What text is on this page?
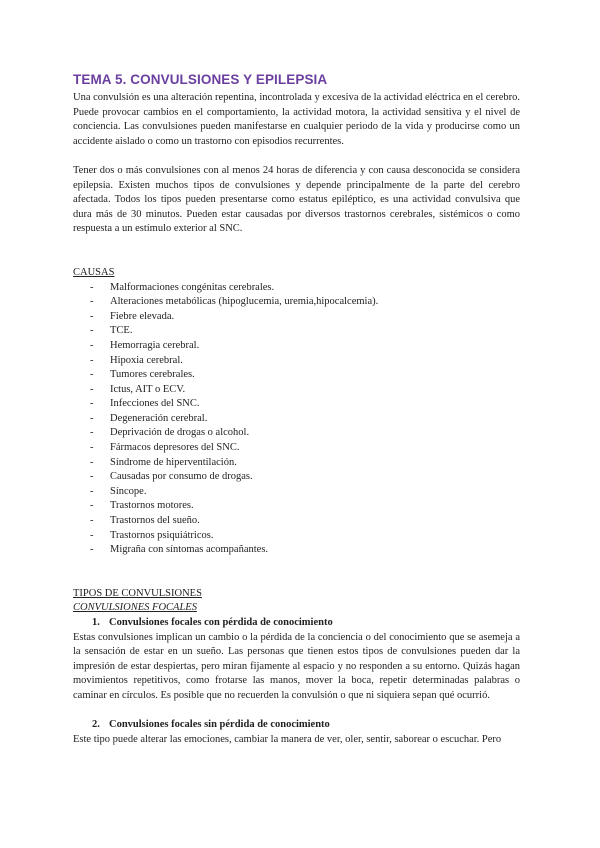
TEMA 5. CONVULSIONES Y EPILEPSIA

Una convulsión es una alteración repentina, incontrolada y excesiva de la actividad eléctrica en el cerebro. Puede provocar cambios en el comportamiento, la actividad motora, la actividad sensitiva y el nivel de conciencia. Las convulsiones pueden manifestarse en cualquier periodo de la vida y producirse como un accidente aislado o como un trastorno con episodios recurrentes.

Tener dos o más convulsiones con al menos 24 horas de diferencia y con causa desconocida se considera epilepsia. Existen muchos tipos de convulsiones y depende principalmente de la parte del cerebro afectada. Todos los tipos pueden presentarse como estatus epiléptico, es una actividad convulsiva que dura más de 30 minutos. Pueden estar causadas por diversos trastornos cerebrales, sistémicos o como respuesta a un estímulo exterior al SNC.

CAUSAS
- Malformaciones congénitas cerebrales.
- Alteraciones metabólicas (hipoglucemia, uremia,hipocalcemia).
- Fiebre elevada.
- TCE.
- Hemorragia cerebral.
- Hipoxia cerebral.
- Tumores cerebrales.
- Ictus, AIT o ECV.
- Infecciones del SNC.
- Degeneración cerebral.
- Deprivación de drogas o alcohol.
- Fármacos depresores del SNC.
- Síndrome de hiperventilación.
- Causadas por consumo de drogas.
- Síncope.
- Trastornos motores.
- Trastornos del sueño.
- Trastornos psiquiátricos.
- Migraña con síntomas acompañantes.
TIPOS DE CONVULSIONES
CONVULSIONES FOCALES
1. Convulsiones focales con pérdida de conocimiento

Estas convulsiones implican un cambio o la pérdida de la conciencia o del conocimiento que se asemeja a la sensación de estar en un sueño. Las personas que tienen estos tipos de convulsiones pueden dar la impresión de estar despiertas, pero miran fijamente al espacio y no responden a su entorno. Quizás hagan movimientos repetitivos, como frotarse las manos, mover la boca, repetir determinadas palabras o caminar en círculos. Es posible que no recuerden la convulsión o que ni siquiera sepan qué ocurrió.

2. Convulsiones focales sin pérdida de conocimiento

Este tipo puede alterar las emociones, cambiar la manera de ver, oler, sentir, saborear o escuchar. Pero
